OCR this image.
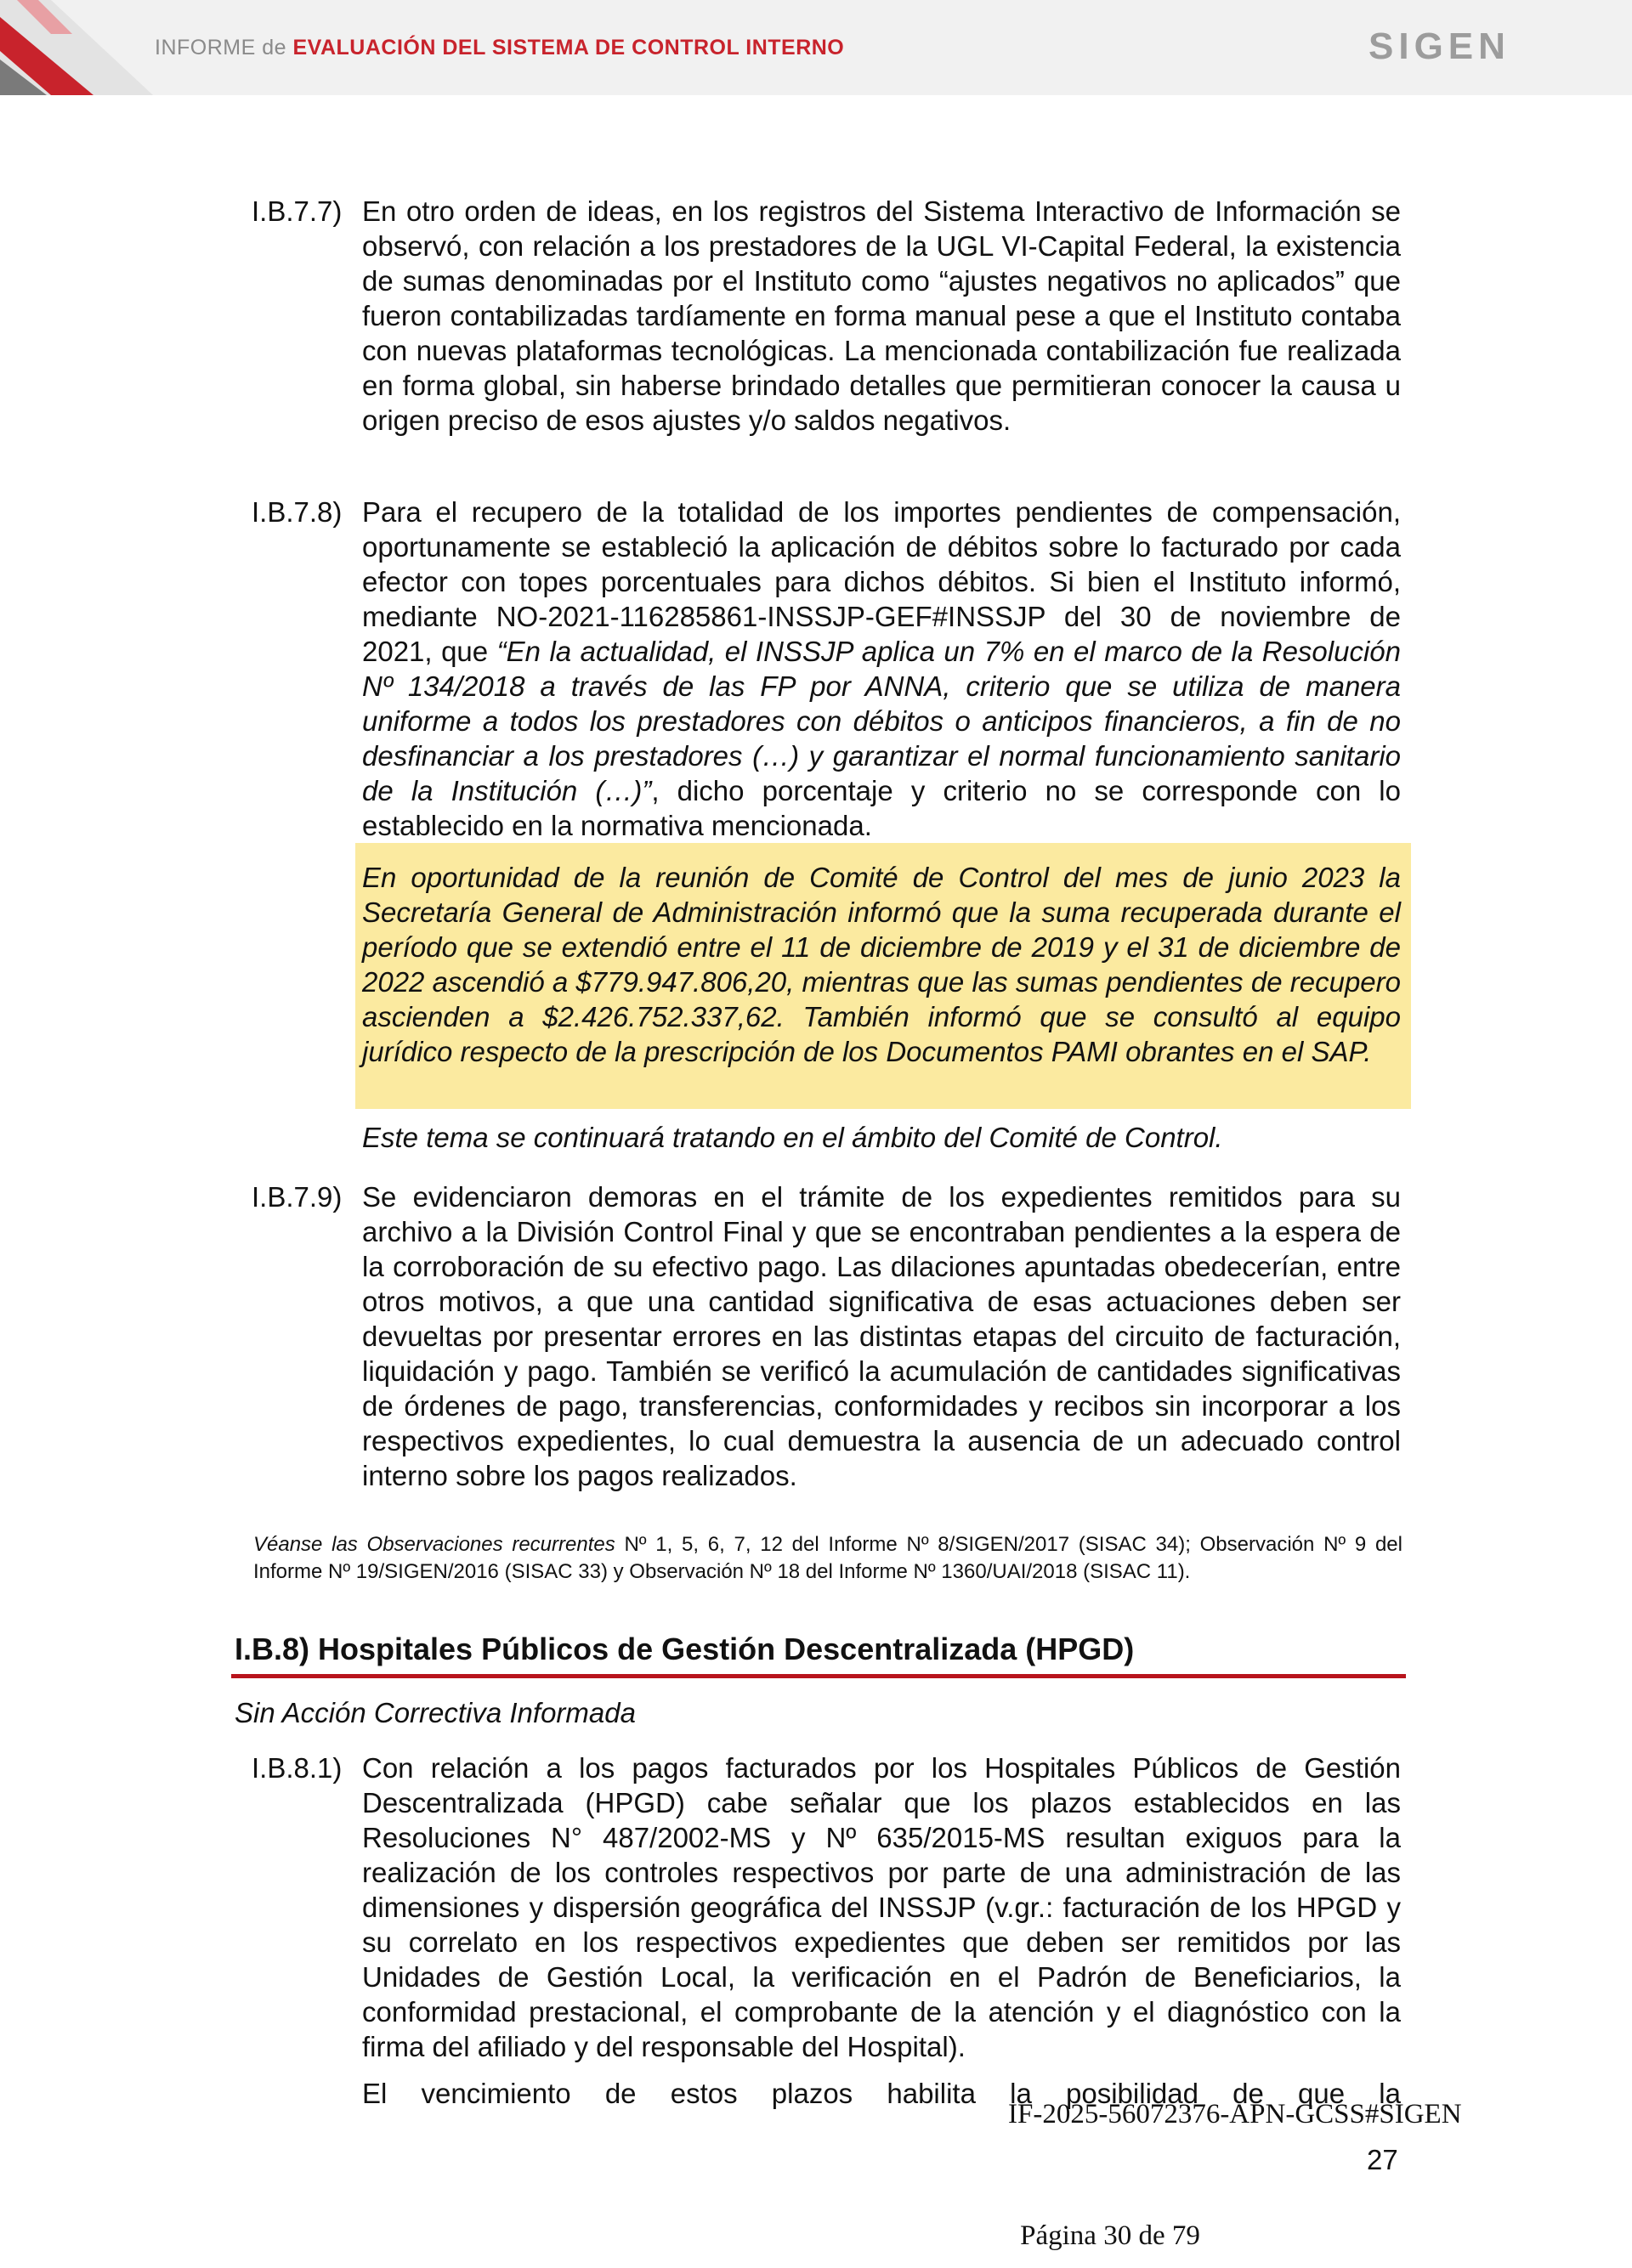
INFORME de EVALUACIÓN DEL SISTEMA DE CONTROL INTERNO	SIGEN
I.B.7.7) En otro orden de ideas, en los registros del Sistema Interactivo de Información se observó, con relación a los prestadores de la UGL VI-Capital Federal, la existencia de sumas denominadas por el Instituto como “ajustes negativos no aplicados” que fueron contabilizadas tardíamente en forma manual pese a que el Instituto contaba con nuevas plataformas tecnológicas. La mencionada contabilización fue realizada en forma global, sin haberse brindado detalles que permitieran conocer la causa u origen preciso de esos ajustes y/o saldos negativos.
I.B.7.8) Para el recupero de la totalidad de los importes pendientes de compensación, oportunamente se estableció la aplicación de débitos sobre lo facturado por cada efector con topes porcentuales para dichos débitos. Si bien el Instituto informó, mediante NO-2021-116285861-INSSJP-GEF#INSSJP del 30 de noviembre de 2021, que “En la actualidad, el INSSJP aplica un 7% en el marco de la Resolución Nº 134/2018 a través de las FP por ANNA, criterio que se utiliza de manera uniforme a todos los prestadores con débitos o anticipos financieros, a fin de no desfinanciar a los prestadores (…) y garantizar el normal funcionamiento sanitario de la Institución (…)”, dicho porcentaje y criterio no se corresponde con lo establecido en la normativa mencionada.
En oportunidad de la reunión de Comité de Control del mes de junio 2023 la Secretaría General de Administración informó que la suma recuperada durante el período que se extendió entre el 11 de diciembre de 2019 y el 31 de diciembre de 2022 ascendió a $779.947.806,20, mientras que las sumas pendientes de recupero ascienden a $2.426.752.337,62. También informó que se consultó al equipo jurídico respecto de la prescripción de los Documentos PAMI obrantes en el SAP.
Este tema se continuará tratando en el ámbito del Comité de Control.
I.B.7.9) Se evidenciaron demoras en el trámite de los expedientes remitidos para su archivo a la División Control Final y que se encontraban pendientes a la espera de la corroboración de su efectivo pago. Las dilaciones apuntadas obedecerían, entre otros motivos, a que una cantidad significativa de esas actuaciones deben ser devueltas por presentar errores en las distintas etapas del circuito de facturación, liquidación y pago. También se verificó la acumulación de cantidades significativas de órdenes de pago, transferencias, conformidades y recibos sin incorporar a los respectivos expedientes, lo cual demuestra la ausencia de un adecuado control interno sobre los pagos realizados.
Véanse las Observaciones recurrentes Nº 1, 5, 6, 7, 12 del Informe Nº 8/SIGEN/2017 (SISAC 34); Observación Nº 9 del Informe Nº 19/SIGEN/2016 (SISAC 33) y Observación Nº 18 del Informe Nº 1360/UAI/2018 (SISAC 11).
I.B.8) Hospitales Públicos de Gestión Descentralizada (HPGD)
Sin Acción Correctiva Informada
I.B.8.1) Con relación a los pagos facturados por los Hospitales Públicos de Gestión Descentralizada (HPGD) cabe señalar que los plazos establecidos en las Resoluciones N° 487/2002-MS y Nº 635/2015-MS resultan exiguos para la realización de los controles respectivos por parte de una administración de las dimensiones y dispersión geográfica del INSSJP (v.gr.: facturación de los HPGD y su correlato en los respectivos expedientes que deben ser remitidos por las Unidades de Gestión Local, la verificación en el Padrón de Beneficiarios, la conformidad prestacional, el comprobante de la atención y el diagnóstico con la firma del afiliado y del responsable del Hospital).
El vencimiento de estos plazos habilita la posibilidad de que la
IF-2025-56072376-APN-GCSS#SIGEN
27
Página 30 de 79
